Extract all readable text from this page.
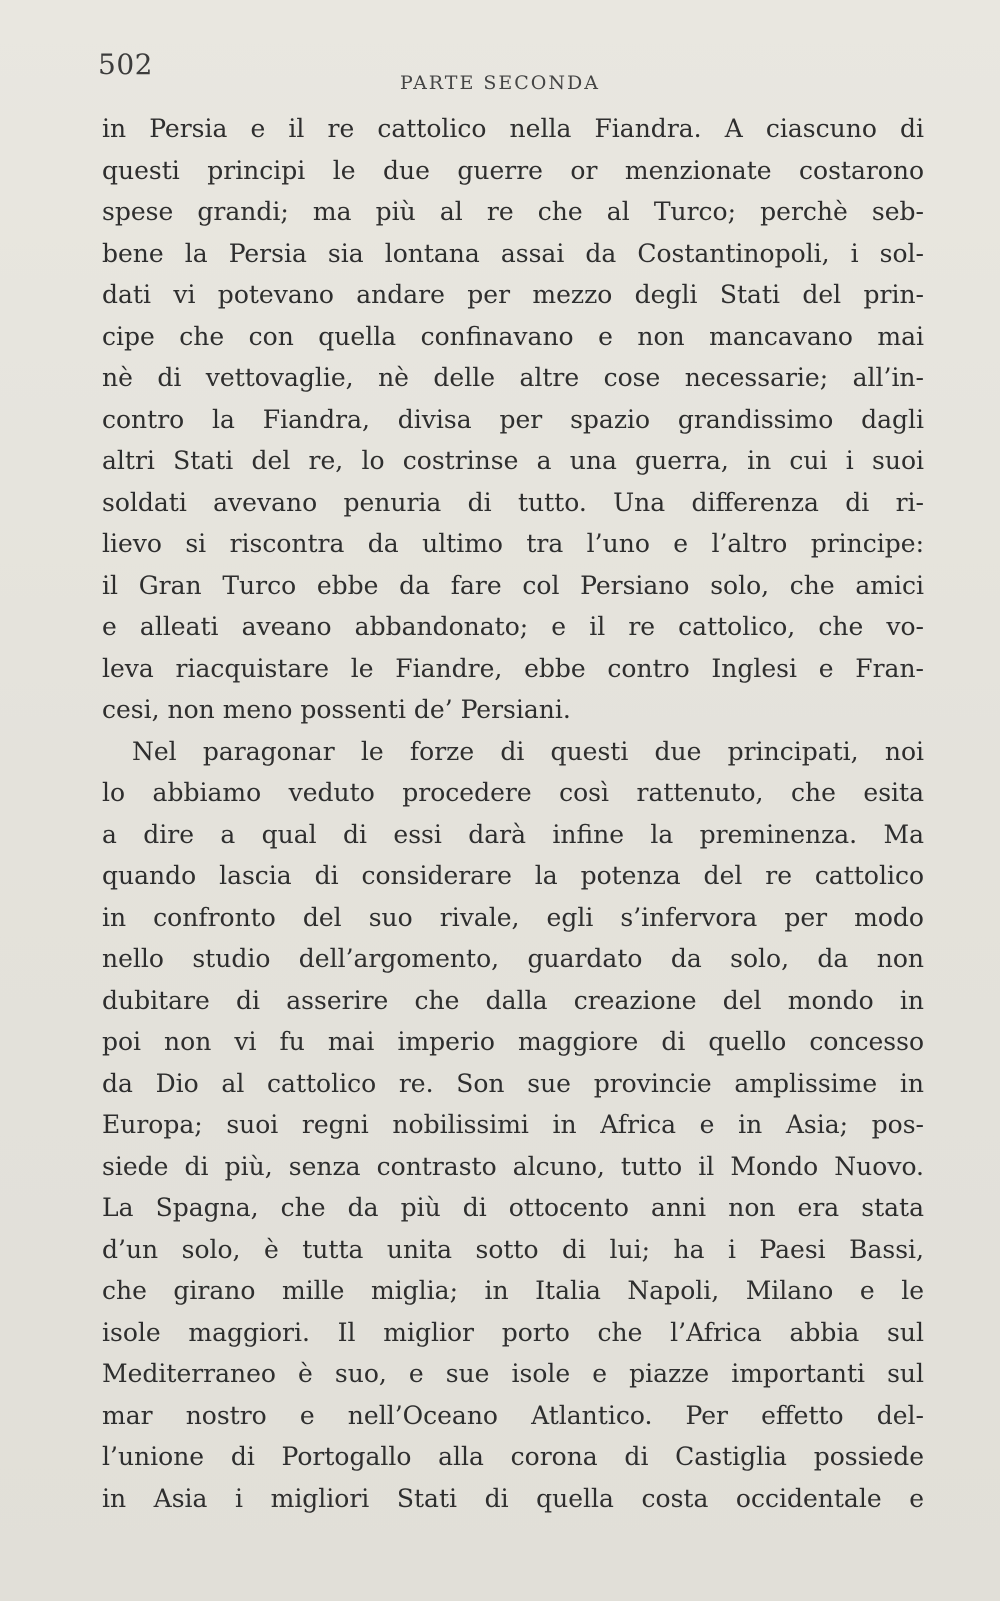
502
PARTE SECONDA
in Persia e il re cattolico nella Fiandra. A ciascuno di
questi principi le due guerre or menzionate costarono
spese grandi; ma più al re che al Turco; perchè seb-
bene la Persia sia lontana assai da Costantinopoli, i sol-
dati vi potevano andare per mezzo degli Stati del prin-
cipe che con quella confinavano e non mancavano mai
nè di vettovaglie, nè delle altre cose necessarie; all’in-
contro la Fiandra, divisa per spazio grandissimo dagli
altri Stati del re, lo costrinse a una guerra, in cui i suoi
soldati avevano penuria di tutto. Una differenza di ri-
lievo si riscontra da ultimo tra l’uno e l’altro principe:
il Gran Turco ebbe da fare col Persiano solo, che amici
e alleati aveano abbandonato; e il re cattolico, che vo-
leva riacquistare le Fiandre, ebbe contro Inglesi e Fran-
cesi, non meno possenti de’ Persiani.
Nel paragonar le forze di questi due principati, noi
lo abbiamo veduto procedere così rattenuto, che esita
a dire a qual di essi darà infine la preminenza. Ma
quando lascia di considerare la potenza del re cattolico
in confronto del suo rivale, egli s’infervora per modo
nello studio dell’argomento, guardato da solo, da non
dubitare di asserire che dalla creazione del mondo in
poi non vi fu mai imperio maggiore di quello concesso
da Dio al cattolico re. Son sue provincie amplissime in
Europa; suoi regni nobilissimi in Africa e in Asia; pos-
siede di più, senza contrasto alcuno, tutto il Mondo Nuovo.
La Spagna, che da più di ottocento anni non era stata
d’un solo, è tutta unita sotto di lui; ha i Paesi Bassi,
che girano mille miglia; in Italia Napoli, Milano e le
isole maggiori. Il miglior porto che l’Africa abbia sul
Mediterraneo è suo, e sue isole e piazze importanti sul
mar nostro e nell’Oceano Atlantico. Per effetto del-
l’unione di Portogallo alla corona di Castiglia possiede
in Asia i migliori Stati di quella costa occidentale e
